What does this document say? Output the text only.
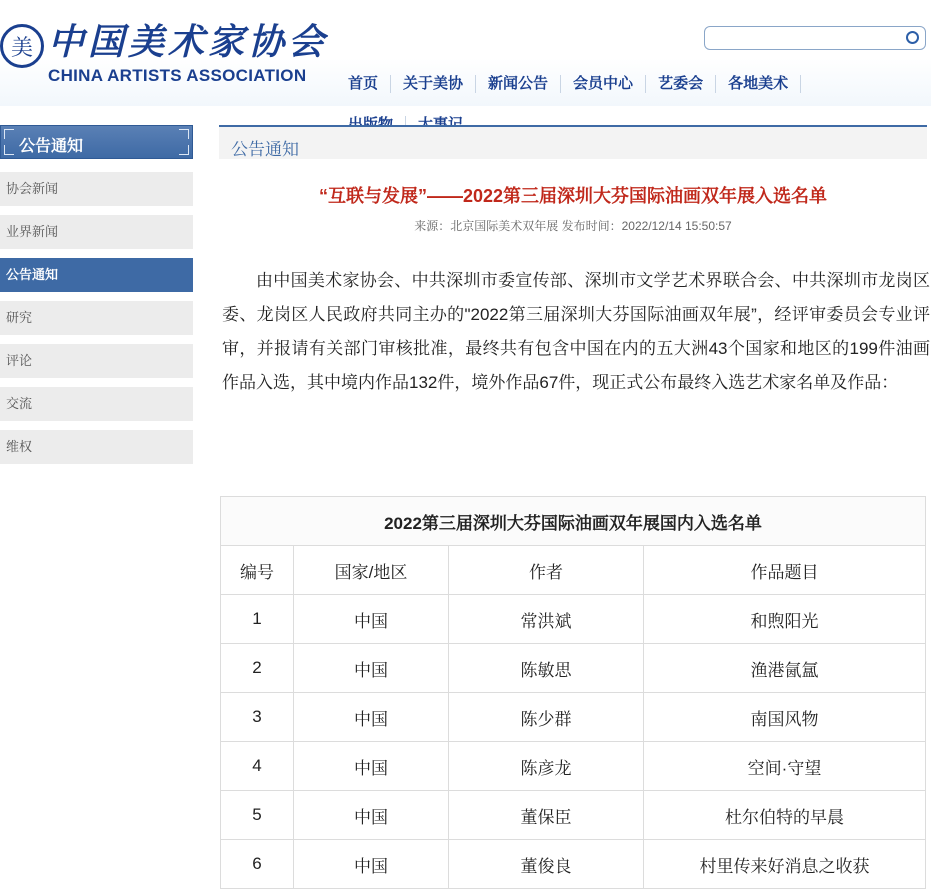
美 中国美术家协会
CHINA ARTISTS ASSOCIATION	首页	关于美协	新闻公告	会员中心	艺委会	各地美术
公告通知
协会新闻
业界新闻
公告通知
研究
评论
交流
维权
公告通知
“互联与发展”——2022第三届深圳大芬国际油画双年展入选名单
来源：北京国际美术双年展 发布时间：2022/12/14 15:50:57
由中国美术家协会、中共深圳市委宣传部、深圳市文学艺术界联合会、中共深圳市龙岗区委、龙岗区人民政府共同主办的"2022第三届深圳大芬国际油画双年展”，经评审委员会专业评审，并报请有关部门审核批准，最终共有包含中国在内的五大洲43个国家和地区的199件油画作品入选，其中境内作品132件，境外作品67件，现正式公布最终入选艺术家名单及作品：
2022第三届深圳大芬国际油画双年展国内入选名单			
编号	国家/地区	作者	作品题目
1	中国	常洪斌	和煦阳光
2	中国	陈敏思	渔港氤氲
3	中国	陈少群	南国风物
4	中国	陈彦龙	空间·守望
5	中国	董保臣	杜尔伯特的早晨
6	中国	董俊良	村里传来好消息之收获
